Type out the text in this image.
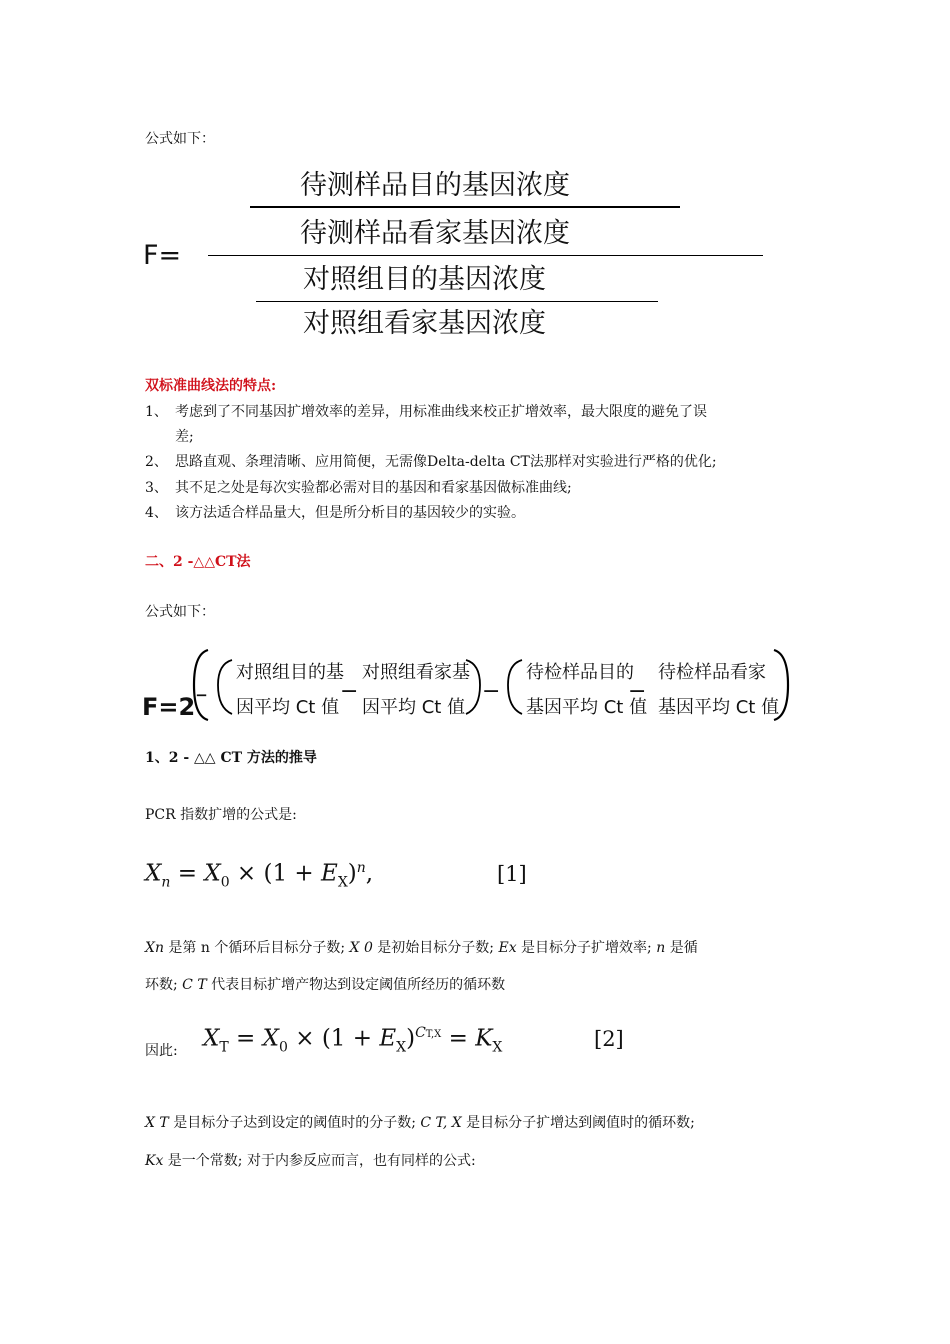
公式如下：
待测样品目的基因浓度
待测样品看家基因浓度
F=
对照组目的基因浓度
对照组看家基因浓度
双标准曲线法的特点:
1、 考虑到了不同基因扩增效率的差异，用标准曲线来校正扩增效率，最大限度的避免了误
差;
2、 思路直观、条理清晰、应用简便，无需像Delta-delta CT法那样对实验进行严格的优化;
3、 其不足之处是每次实验都必需对目的基因和看家基因做标准曲线;
4、 该方法适合样品量大，但是所分析目的基因较少的实验。
二、2 -△△CT法
公式如下：
F=2−
对照组目的基
因平均 Ct 值
−
对照组看家基
因平均 Ct 值
−
待检样品目的
基因平均 Ct 值
−
待检样品看家
基因平均 Ct 值
1、2 - △△ CT 方法的推导
PCR 指数扩增的公式是:
$X_n = X_0 \times (1 + E_X)^n$,	[1]
Xn 是第 n 个循环后目标分子数; X 0 是初始目标分子数; Ex 是目标分子扩增效率; n 是循
环数; C T 代表目标扩增产物达到设定阈值所经历的循环数
因此: $X_T = X_0 \times (1 + E_X)^{CT,X} = K_X$	[2]
X T 是目标分子达到设定的阈值时的分子数; C T, X 是目标分子扩增达到阈值时的循环数;
Kx 是一个常数; 对于内参反应而言，也有同样的公式:
